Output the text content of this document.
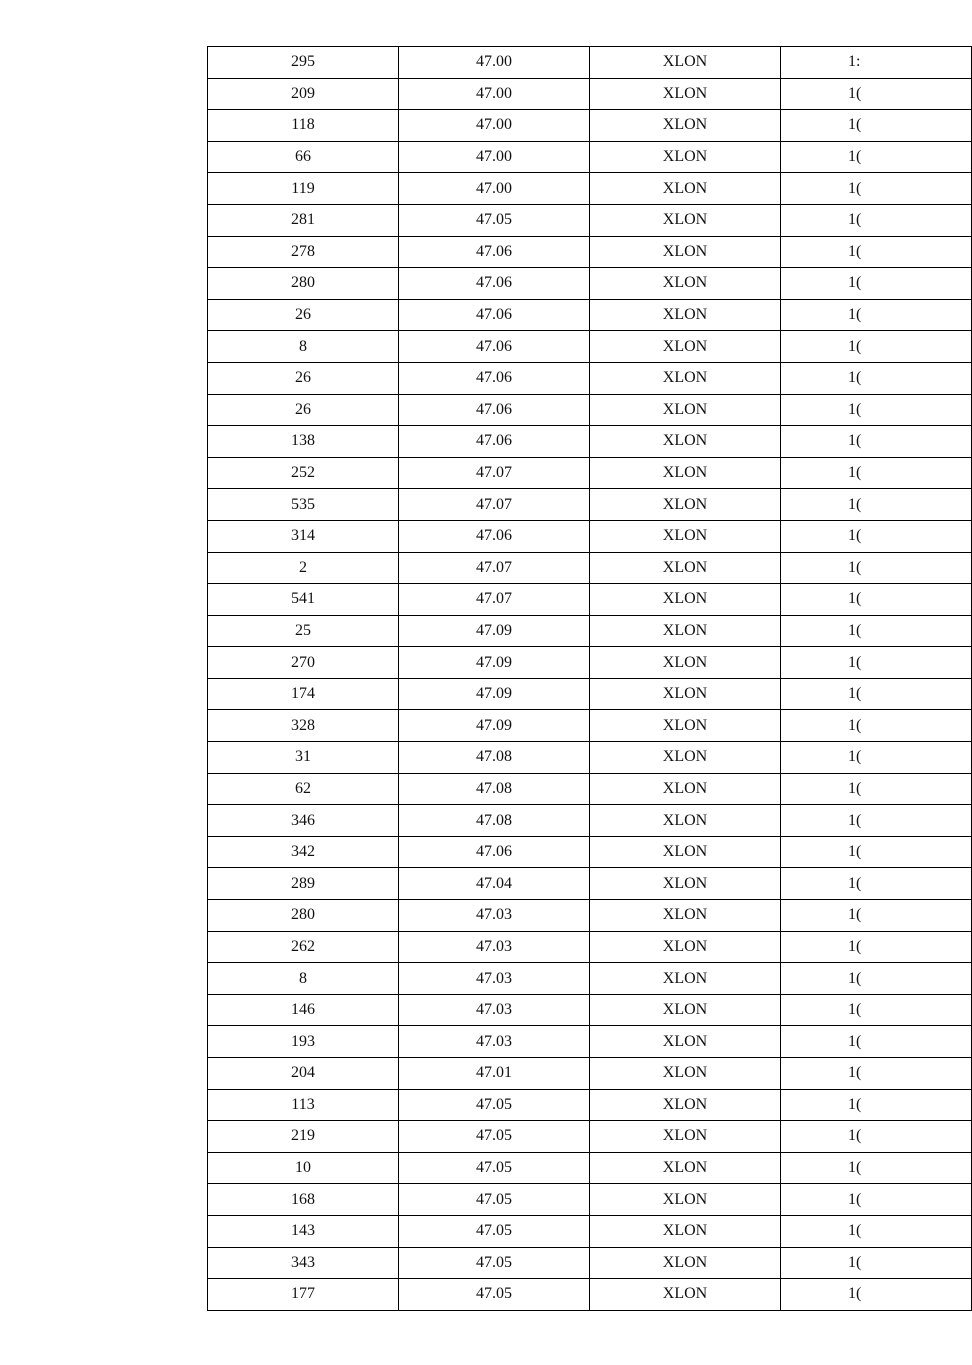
295	47.00	XLON	1:
209	47.00	XLON	1(
118	47.00	XLON	1(
66	47.00	XLON	1(
119	47.00	XLON	1(
281	47.05	XLON	1(
278	47.06	XLON	1(
280	47.06	XLON	1(
26	47.06	XLON	1(
8	47.06	XLON	1(
26	47.06	XLON	1(
26	47.06	XLON	1(
138	47.06	XLON	1(
252	47.07	XLON	1(
535	47.07	XLON	1(
314	47.06	XLON	1(
2	47.07	XLON	1(
541	47.07	XLON	1(
25	47.09	XLON	1(
270	47.09	XLON	1(
174	47.09	XLON	1(
328	47.09	XLON	1(
31	47.08	XLON	1(
62	47.08	XLON	1(
346	47.08	XLON	1(
342	47.06	XLON	1(
289	47.04	XLON	1(
280	47.03	XLON	1(
262	47.03	XLON	1(
8	47.03	XLON	1(
146	47.03	XLON	1(
193	47.03	XLON	1(
204	47.01	XLON	1(
113	47.05	XLON	1(
219	47.05	XLON	1(
10	47.05	XLON	1(
168	47.05	XLON	1(
143	47.05	XLON	1(
343	47.05	XLON	1(
177	47.05	XLON	1(
